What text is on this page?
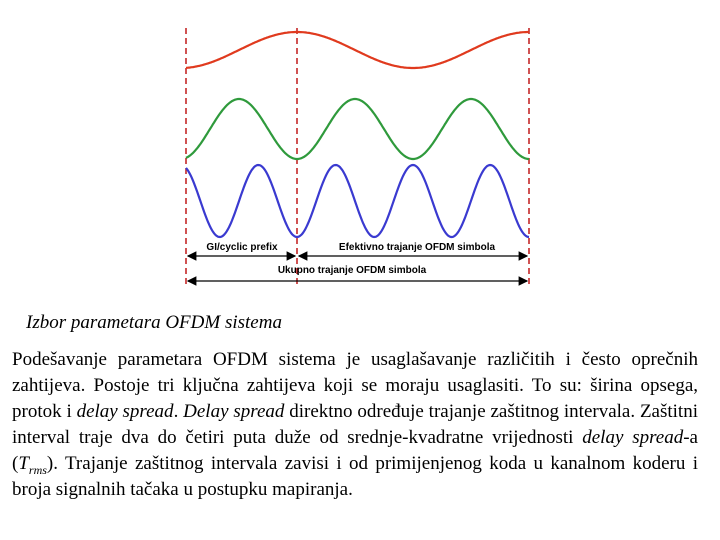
GI/cyclic prefix	Efektivno trajanje OFDM simbola
Ukupno trajanje OFDM simbola
Izbor parametara OFDM sistema

Podešavanje parametara OFDM sistema je usaglašavanje različitih i često oprečnih zahtijeva. Postoje tri ključna zahtijeva koji se moraju usaglasiti. To su: širina opsega, protok i delay spread. Delay spread direktno određuje trajanje zaštitnog intervala. Zaštitni interval traje dva do četiri puta duže od srednje-kvadratne vrijednosti delay spread-a $(T_{rms})$. Trajanje zaštitnog intervala zavisi i od primijenjenog koda u kanalnom koderu i broja signalnih tačaka u postupku mapiranja.
